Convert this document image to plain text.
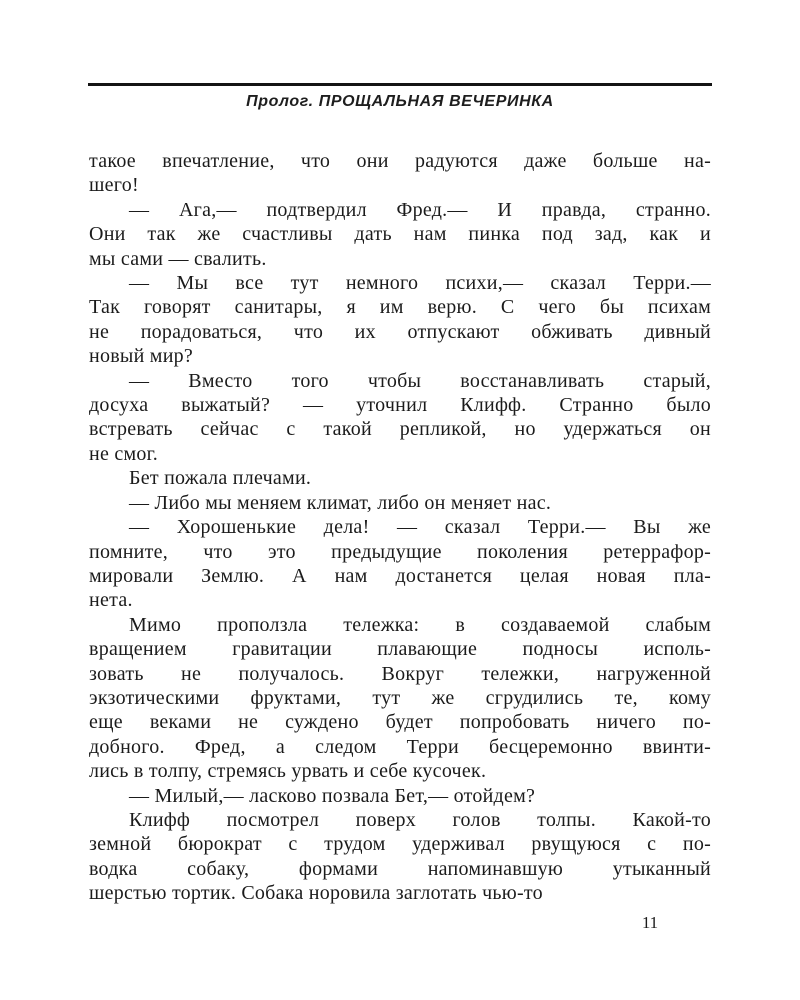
Пролог. ПРОЩАЛЬНАЯ ВЕЧЕРИНКА
такое впечатление, что они радуются даже больше на-
шего!
— Ага,— подтвердил Фред.— И правда, странно.
Они так же счастливы дать нам пинка под зад, как и
мы сами — свалить.
— Мы все тут немного психи,— сказал Терри.—
Так говорят санитары, я им верю. С чего бы психам
не порадоваться, что их отпускают обживать дивный
новый мир?
— Вместо того чтобы восстанавливать старый,
досуха выжатый? — уточнил Клифф. Странно было
встревать сейчас с такой репликой, но удержаться он
не смог.
Бет пожала плечами.
— Либо мы меняем климат, либо он меняет нас.
— Хорошенькие дела! — сказал Терри.— Вы же
помните, что это предыдущие поколения ретеррафор-
мировали Землю. А нам достанется целая новая пла-
нета.
Мимо проползла тележка: в создаваемой слабым
вращением гравитации плавающие подносы исполь-
зовать не получалось. Вокруг тележки, нагруженной
экзотическими фруктами, тут же сгрудились те, кому
еще веками не суждено будет попробовать ничего по-
добного. Фред, а следом Терри бесцеремонно ввинти-
лись в толпу, стремясь урвать и себе кусочек.
— Милый,— ласково позвала Бет,— отойдем?
Клифф посмотрел поверх голов толпы. Какой-то
земной бюрократ с трудом удерживал рвущуюся с по-
водка собаку, формами напоминавшую утыканный
шерстью тортик. Собака норовила заглотать чью-то
11
